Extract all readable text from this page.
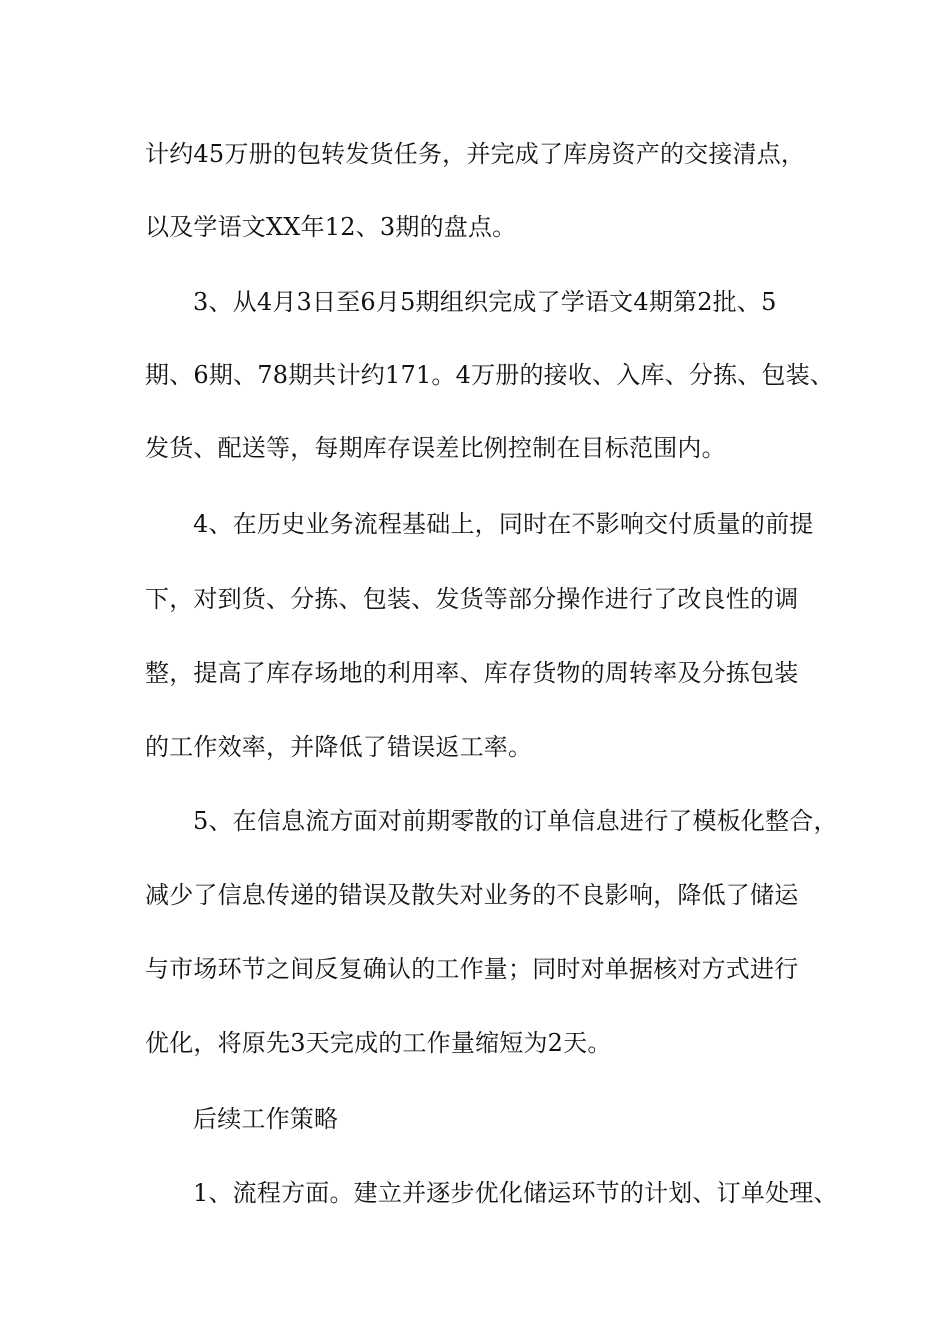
计约45万册的包转发货任务，并完成了库房资产的交接清点，
以及学语文XX年12、3期的盘点。
3、从4月3日至6月5期组织完成了学语文4期第2批、5
期、6期、78期共计约171。4万册的接收、入库、分拣、包装、
发货、配送等，每期库存误差比例控制在目标范围内。
4、在历史业务流程基础上，同时在不影响交付质量的前提
下，对到货、分拣、包装、发货等部分操作进行了改良性的调
整，提高了库存场地的利用率、库存货物的周转率及分拣包装
的工作效率，并降低了错误返工率。
5、在信息流方面对前期零散的订单信息进行了模板化整合，
减少了信息传递的错误及散失对业务的不良影响，降低了储运
与市场环节之间反复确认的工作量；同时对单据核对方式进行
优化，将原先3天完成的工作量缩短为2天。
后续工作策略
1、流程方面。建立并逐步优化储运环节的计划、订单处理、
